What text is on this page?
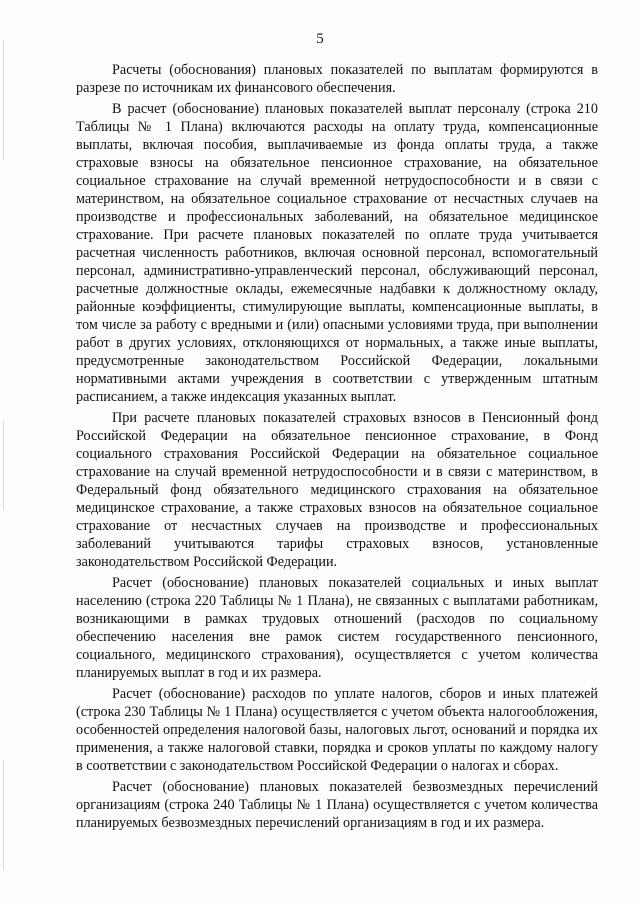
5

Расчеты (обоснования) плановых показателей по выплатам формируются в разрезе по источникам их финансового обеспечения.

В расчет (обоснование) плановых показателей выплат персоналу (строка 210 Таблицы № 1 Плана) включаются расходы на оплату труда, компенсационные выплаты, включая пособия, выплачиваемые из фонда оплаты труда, а также страховые взносы на обязательное пенсионное страхование, на обязательное социальное страхование на случай временной нетрудоспособности и в связи с материнством, на обязательное социальное страхование от несчастных случаев на производстве и профессиональных заболеваний, на обязательное медицинское страхование. При расчете плановых показателей по оплате труда учитывается расчетная численность работников, включая основной персонал, вспомогательный персонал, административно-управленческий персонал, обслуживающий персонал, расчетные должностные оклады, ежемесячные надбавки к должностному окладу, районные коэффициенты, стимулирующие выплаты, компенсационные выплаты, в том числе за работу с вредными и (или) опасными условиями труда, при выполнении работ в других условиях, отклоняющихся от нормальных, а также иные выплаты, предусмотренные законодательством Российской Федерации, локальными нормативными актами учреждения в соответствии с утвержденным штатным расписанием, а также индексация указанных выплат.

При расчете плановых показателей страховых взносов в Пенсионный фонд Российской Федерации на обязательное пенсионное страхование, в Фонд социального страхования Российской Федерации на обязательное социальное страхование на случай временной нетрудоспособности и в связи с материнством, в Федеральный фонд обязательного медицинского страхования на обязательное медицинское страхование, а также страховых взносов на обязательное социальное страхование от несчастных случаев на производстве и профессиональных заболеваний учитываются тарифы страховых взносов, установленные законодательством Российской Федерации.

Расчет (обоснование) плановых показателей социальных и иных выплат населению (строка 220 Таблицы № 1 Плана), не связанных с выплатами работникам, возникающими в рамках трудовых отношений (расходов по социальному обеспечению населения вне рамок систем государственного пенсионного, социального, медицинского страхования), осуществляется с учетом количества планируемых выплат в год и их размера.

Расчет (обоснование) расходов по уплате налогов, сборов и иных платежей (строка 230 Таблицы № 1 Плана) осуществляется с учетом объекта налогообложения, особенностей определения налоговой базы, налоговых льгот, оснований и порядка их применения, а также налоговой ставки, порядка и сроков уплаты по каждому налогу в соответствии с законодательством Российской Федерации о налогах и сборах.

Расчет (обоснование) плановых показателей безвозмездных перечислений организациям (строка 240 Таблицы № 1 Плана) осуществляется с учетом количества планируемых безвозмездных перечислений организациям в год и их размера.
